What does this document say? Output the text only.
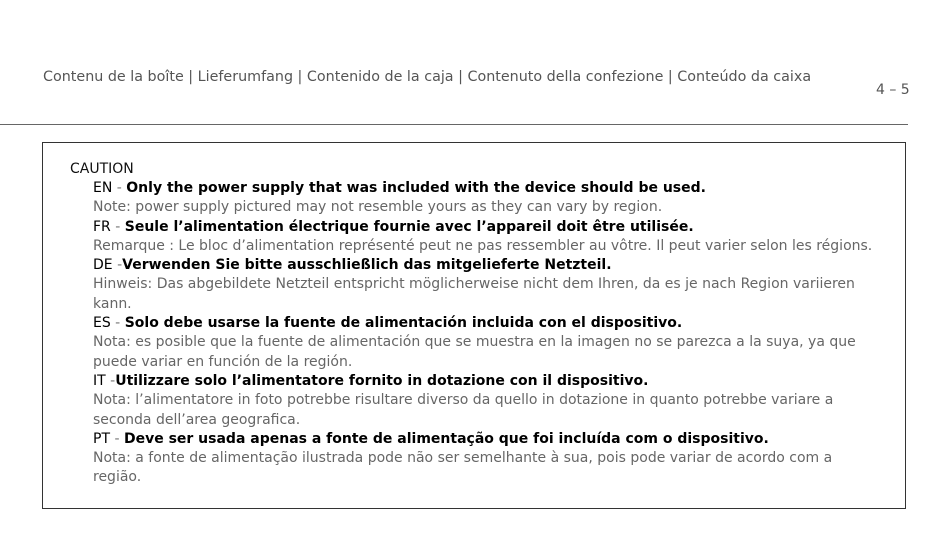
Contenu de la boîte | Lieferumfang | Contenido de la caja | Contenuto della confezione | Conteúdo da caixa
4 – 5
CAUTION
EN - Only the power supply that was included with the device should be used.
Note: power supply pictured may not resemble yours as they can vary by region.
FR - Seule l’alimentation électrique fournie avec l’appareil doit être utilisée.
Remarque : Le bloc d’alimentation représenté peut ne pas ressembler au vôtre. Il peut varier selon les régions.
DE -Verwenden Sie bitte ausschließlich das mitgelieferte Netzteil.
Hinweis: Das abgebildete Netzteil entspricht möglicherweise nicht dem Ihren, da es je nach Region variieren kann.
ES - Solo debe usarse la fuente de alimentación incluida con el dispositivo.
Nota: es posible que la fuente de alimentación que se muestra en la imagen no se parezca a la suya, ya que puede variar en función de la región.
IT -Utilizzare solo l’alimentatore fornito in dotazione con il dispositivo.
Nota: l’alimentatore in foto potrebbe risultare diverso da quello in dotazione in quanto potrebbe variare a seconda dell’area geografica.
PT - Deve ser usada apenas a fonte de alimentação que foi incluída com o dispositivo.
Nota: a fonte de alimentação ilustrada pode não ser semelhante à sua, pois pode variar de acordo com a região.
